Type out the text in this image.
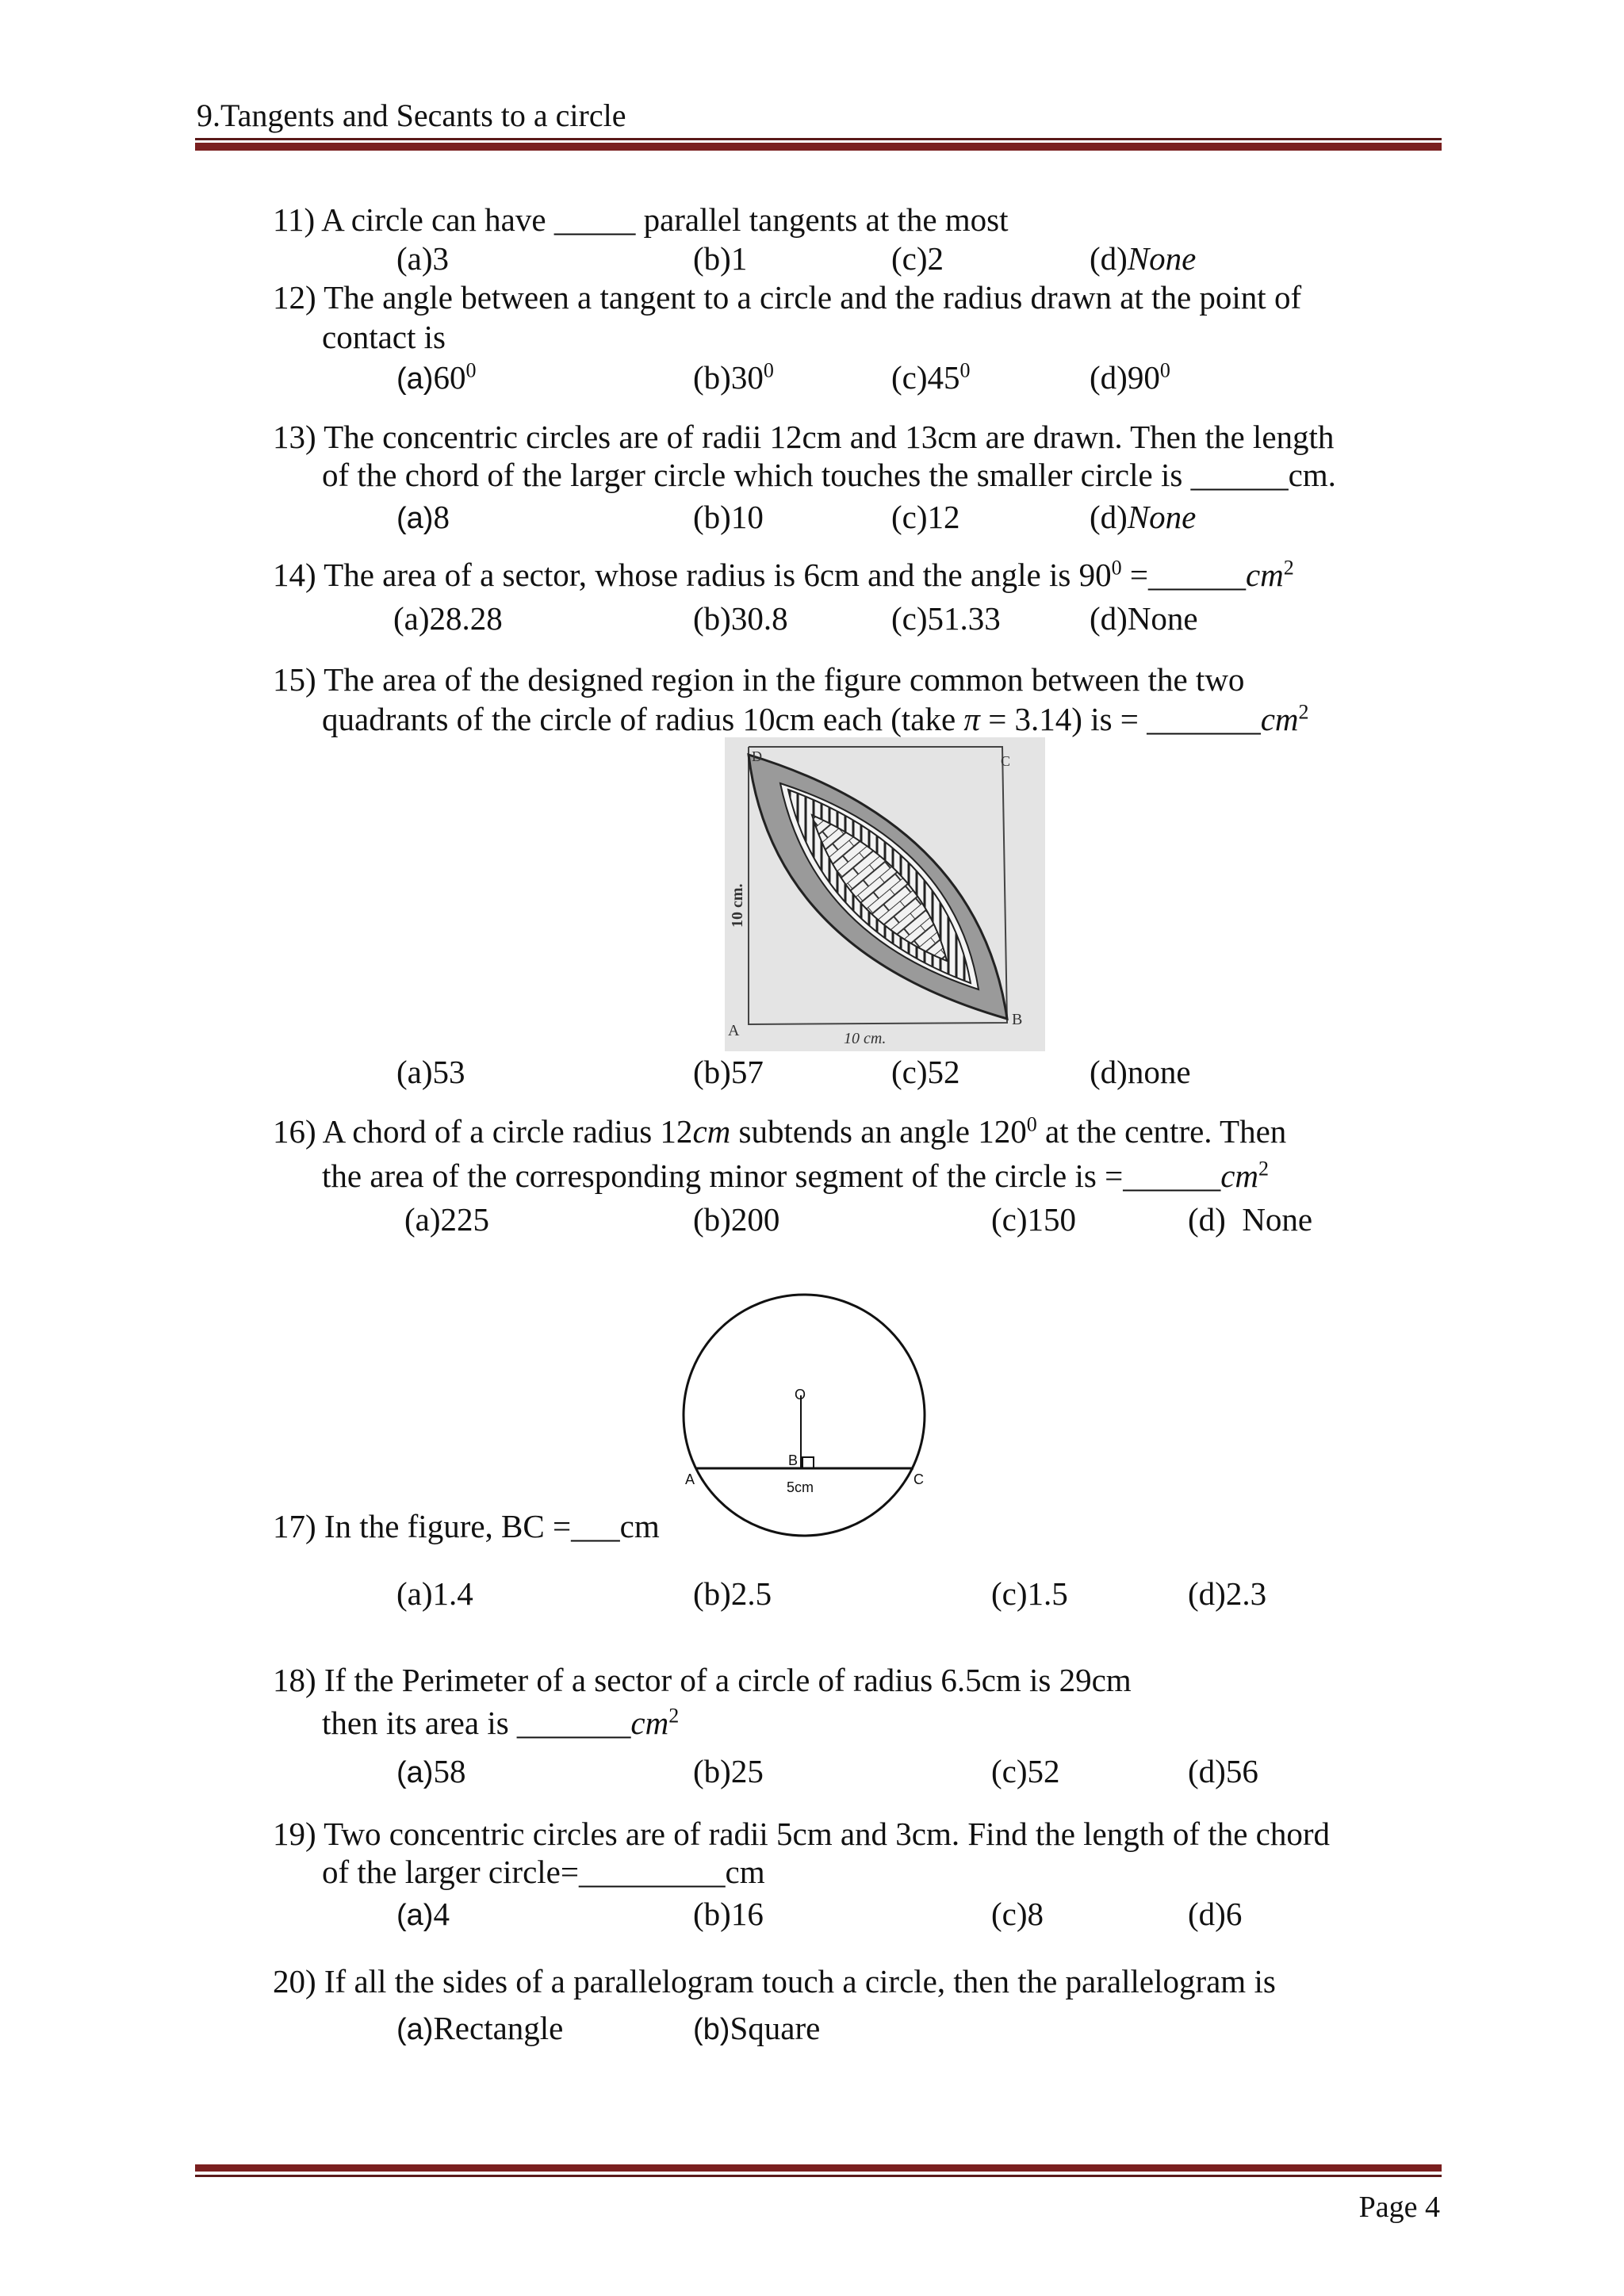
9.Tangents and Secants to a circle
11) A circle can have _____ parallel tangents at the most
(a)3	(b)1	(c)2	(d)None
12) The angle between a tangent to a circle and the radius drawn at the point of
contact is
$(a)60^0$	$(b)30^0$	$(c)45^0$	$(d)90^0$
13) The concentric circles are of radii 12cm and 13cm are drawn. Then the length
of the chord of the larger circle which touches the smaller circle is ______cm.
(a)8	(b)10	(c)12	(d)None
14) The area of a sector, whose radius is 6cm and the angle is $90^0$ $=\_\_\_\_\_\_cm^2$
(a)28.28	(b)30.8	(c)51.33	(d)None
15) The area of the designed region in the figure common between the two
quadrants of the circle of radius 10cm each (take π = 3.14) is = $\_\_\_\_\_\_\_cm^2$
D	C
A
B
10 cm.
10 cm.
(a)53	(b)57	(c)52	(d)none
16) A chord of a circle radius 12cm subtends an angle $120^0$ at the centre. Then
the area of the corresponding minor segment of the circle is $=\_\_\_\_\_\_cm^2$
(a)225	(b)200	(c)150	(d)  None
O
A
B
C
5cm
17) In the figure, BC =___cm
(a)1.4	(b)2.5	(c)1.5	(d)2.3
18) If the Perimeter of a sector of a circle of radius 6.5cm is 29cm
then its area is $\_\_\_\_\_\_\_cm^2$
(a)58	(b)25	(c)52	(d)56
19) Two concentric circles are of radii 5cm and 3cm. Find the length of the chord
of the larger circle=_________cm
(a)4	(b)16	(c)8	(d)6
20) If all the sides of a parallelogram touch a circle, then the parallelogram is
(a)Rectangle	(b)Square
Page 4
